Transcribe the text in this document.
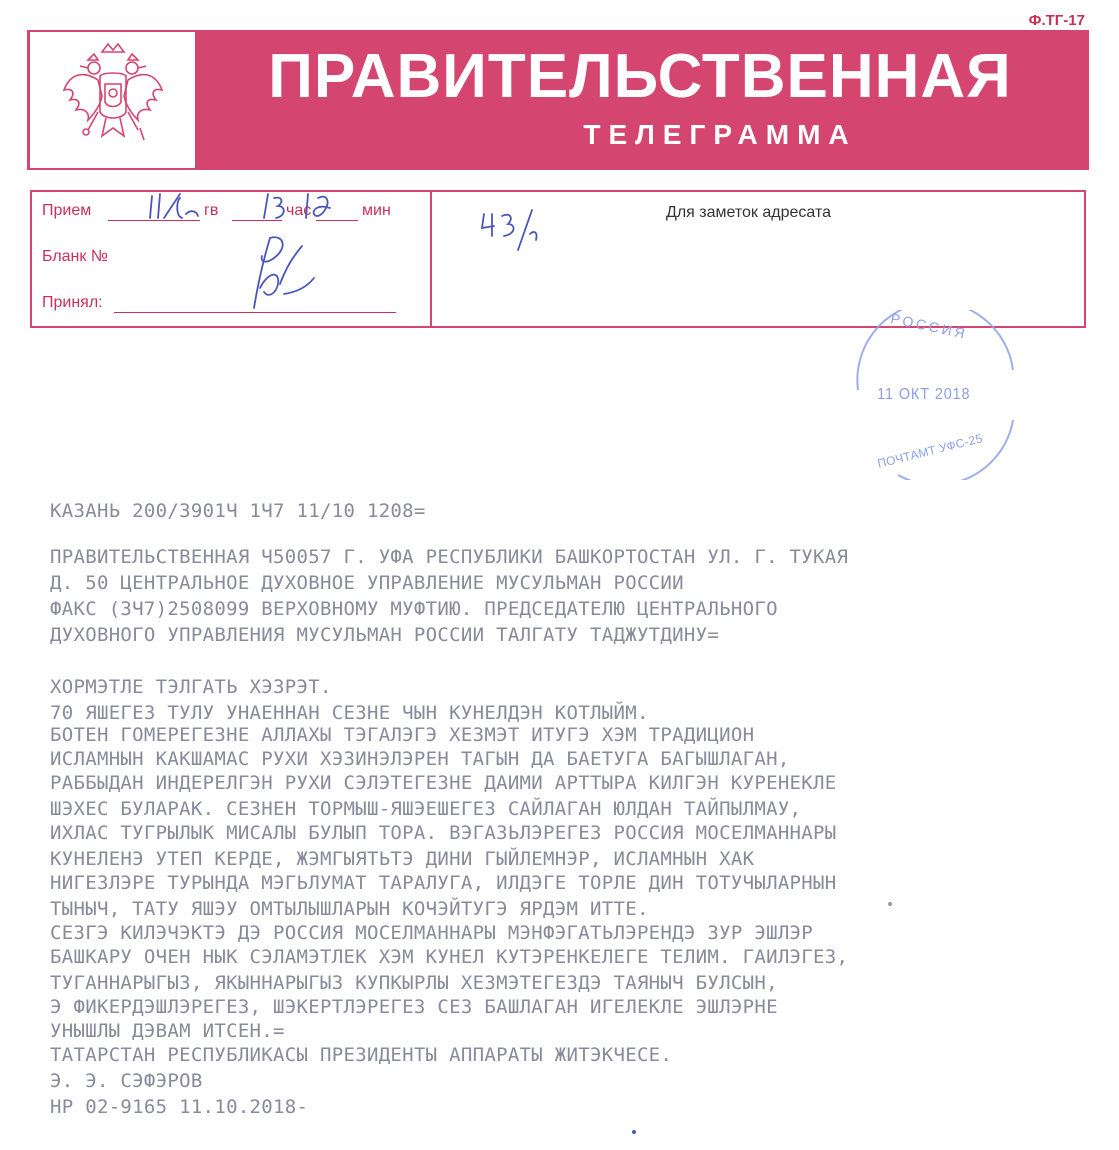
Ф.ТГ-17
ПРАВИТЕЛЬСТВЕННАЯ
ТЕЛЕГРАММА
Прием	гв	час	мин
Бланк №
Принял:
Для заметок адресата
РОССИЯ
11 ОКТ 2018
ПОЧТАМТ УФС-25
КАЗАНЬ 200/3901Ч 1Ч7 11/10 1208=
ПРАВИТЕЛЬСТВЕННАЯ Ч50057 Г. УФА РЕСПУБЛИКИ БАШКОРТОСТАН УЛ. Г. ТУКАЯ
Д. 50 ЦЕНТРАЛЬНОЕ ДУХОВНОЕ УПРАВЛЕНИЕ МУСУЛЬМАН РОССИИ
ФАКС (3Ч7)2508099 ВЕРХОВНОМУ МУФТИЮ. ПРЕДСЕДАТЕЛЮ ЦЕНТРАЛЬНОГО
ДУХОВНОГО УПРАВЛЕНИЯ МУСУЛЬМАН РОССИИ ТАЛГАТУ ТАДЖУТДИНУ=
ХОРМЭТЛЕ ТЭЛГАТЬ ХЭЗРЭТ.
70 ЯШЕГЕЗ ТУЛУ УНАЕННАН СЕЗНЕ ЧЫН КУНЕЛДЭН КОТЛЫЙМ.
БОТЕН ГОМЕРЕГЕЗНЕ АЛЛАХЫ ТЭГАЛЭГЭ ХЕЗМЭТ ИТУГЭ ХЭМ ТРАДИЦИОН
ИСЛАМНЫН КАКШАМАС РУХИ ХЭЗИНЭЛЭРЕН ТАГЫН ДА БАЕТУГА БАГЫШЛАГАН,
РАББЫДАН ИНДЕРЕЛГЭН РУХИ СЭЛЭТЕГЕЗНЕ ДАИМИ АРТТЫРА КИЛГЭН КУРЕНЕКЛЕ
ШЭХЕС БУЛАРАК. СЕЗНЕН ТОРМЫШ-ЯШЭЕШЕГЕЗ САЙЛАГАН ЮЛДАН ТАЙПЫЛМАУ,
ИХЛАС ТУГРЫЛЫК МИСАЛЫ БУЛЫП ТОРА. ВЭГАЗЬЛЭРЕГЕЗ РОССИЯ МОСЕЛМАННАРЫ
КУНЕЛЕНЭ УТЕП КЕРДЕ, ЖЭМГЫЯТЬТЭ ДИНИ ГЫЙЛЕМНЭР, ИСЛАМНЫН ХАК
НИГЕЗЛЭРЕ ТУРЫНДА МЭГЬЛУМАТ ТАРАЛУГА, ИЛДЭГЕ ТОРЛЕ ДИН ТОТУЧЫЛАРНЫН
ТЫНЫЧ, ТАТУ ЯШЭУ ОМТЫЛЫШЛАРЫН КОЧЭЙТУГЭ ЯРДЭМ ИТТЕ.
СЕЗГЭ КИЛЭЧЭКТЭ ДЭ РОССИЯ МОСЕЛМАННАРЫ МЭНФЭГАТЬЛЭРЕНДЭ ЗУР ЭШЛЭР
БАШКАРУ ОЧЕН НЫК СЭЛАМЭТЛЕК ХЭМ КУНЕЛ КУТЭРЕНКЕЛЕГЕ ТЕЛИМ. ГАИЛЭГЕЗ,
ТУГАННАРЫГЫЗ, ЯКЫННАРЫГЫЗ КУПКЫРЛЫ ХЕЗМЭТЕГЕЗДЭ ТАЯНЫЧ БУЛСЫН,
Э ФИКЕРДЭШЛЭРЕГЕЗ, ШЭКЕРТЛЭРЕГЕЗ СЕЗ БАШЛАГАН ИГЕЛЕКЛЕ ЭШЛЭРНЕ
УНЫШЛЫ ДЭВАМ ИТСЕН.=
ТАТАРСТАН РЕСПУБЛИКАСЫ ПРЕЗИДЕНТЫ АППАРАТЫ ЖИТЭКЧЕСЕ.
Э. Э. СЭФЭРОВ
НР 02-9165 11.10.2018-
